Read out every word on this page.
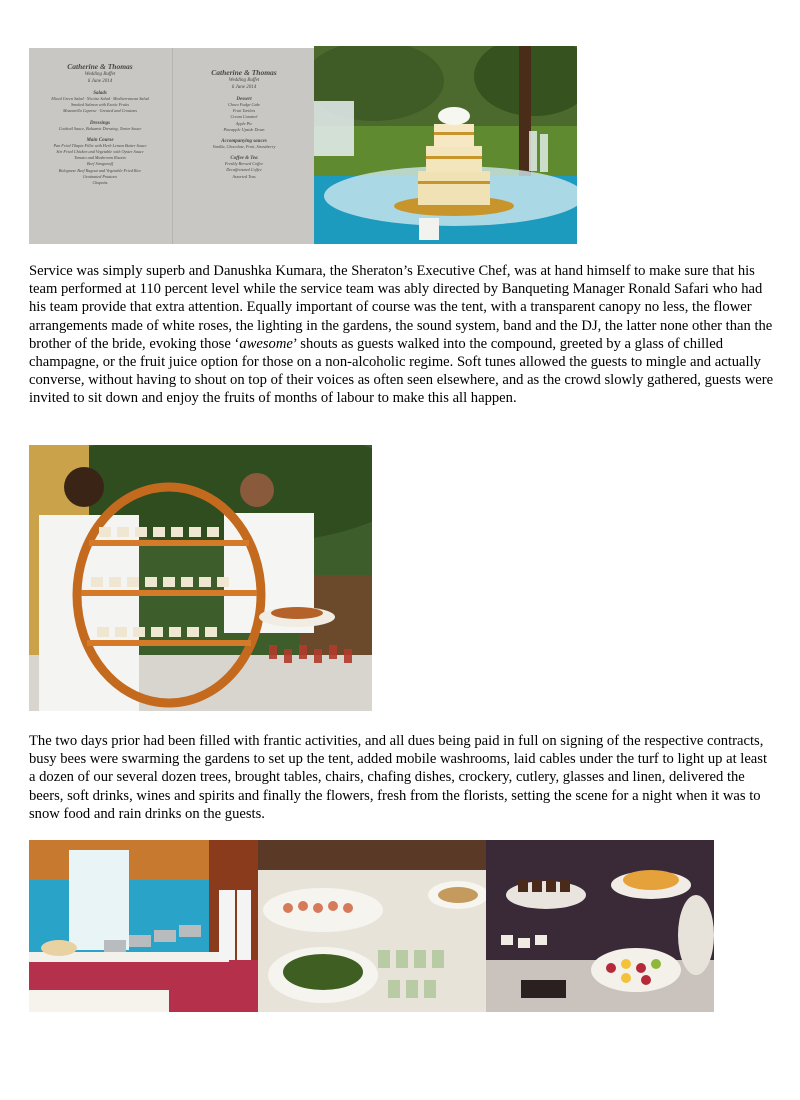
Catherine & Thomas
Wedding Buffet
6 June 2014
Salads
Mixed Green Salad · Nicoise Salad · Mediterranean Salad
Smoked Salmon with Exotic Fruits
Mozzarella Caprese · Greated and Croutons
Dressings
Cocktail Sauce, Balsamic Dressing, Tartar Sauce
Main Course
Pan Fried Tilapia Fillet with Herb Lemon Butter Sauce
Stir Fried Chicken and Vegetable with Oyster Sauce
Tomato and Mushroom Risotto
Beef Stroganoff
Bolognese Beef Ragout and Vegetable Fried Rice
Gratinated Potatoes
Chapatis
Catherine & Thomas
Wedding Buffet
6 June 2014
Dessert
Choco Fudge Cake
Fruit Tartlets
Cream Caramel
Apple Pie
Pineapple Upside Down
Accompanying sauces
Vanilla, Chocolate, Fruit, Strawberry
Coffee & Tea
Freshly Brewed Coffee
Decaffeinated Coffee
Assorted Teas

Service was simply superb and Danushka Kumara, the Sheraton’s Executive Chef, was at hand himself to make sure that his team performed at 110 percent level while the service team was ably directed by Banqueting Manager Ronald Safari who had his team provide that extra attention. Equally important of course was the tent, with a transparent canopy no less, the flower arrangements made of white roses, the lighting in the gardens, the sound system, band and the DJ, the latter none other than the brother of the bride, evoking those ‘awesome’ shouts as guests walked into the compound, greeted by a glass of chilled champagne, or the fruit juice option for those on a non-alcoholic regime. Soft tunes allowed the guests to mingle and actually converse, without having to shout on top of their voices as often seen elsewhere, and as the crowd slowly gathered, guests were invited to sit down and enjoy the fruits of months of labour to make this all happen.

The two days prior had been filled with frantic activities, and all dues being paid in full on signing of the respective contracts, busy bees were swarming the gardens to set up the tent, added mobile washrooms, laid cables under the turf to light up at least a dozen of our several dozen trees, brought tables, chairs, chafing dishes, crockery, cutlery, glasses and linen, delivered the beers, soft drinks, wines and spirits and finally the flowers, fresh from the florists, setting the scene for a night when it was to snow food and rain drinks on the guests.
